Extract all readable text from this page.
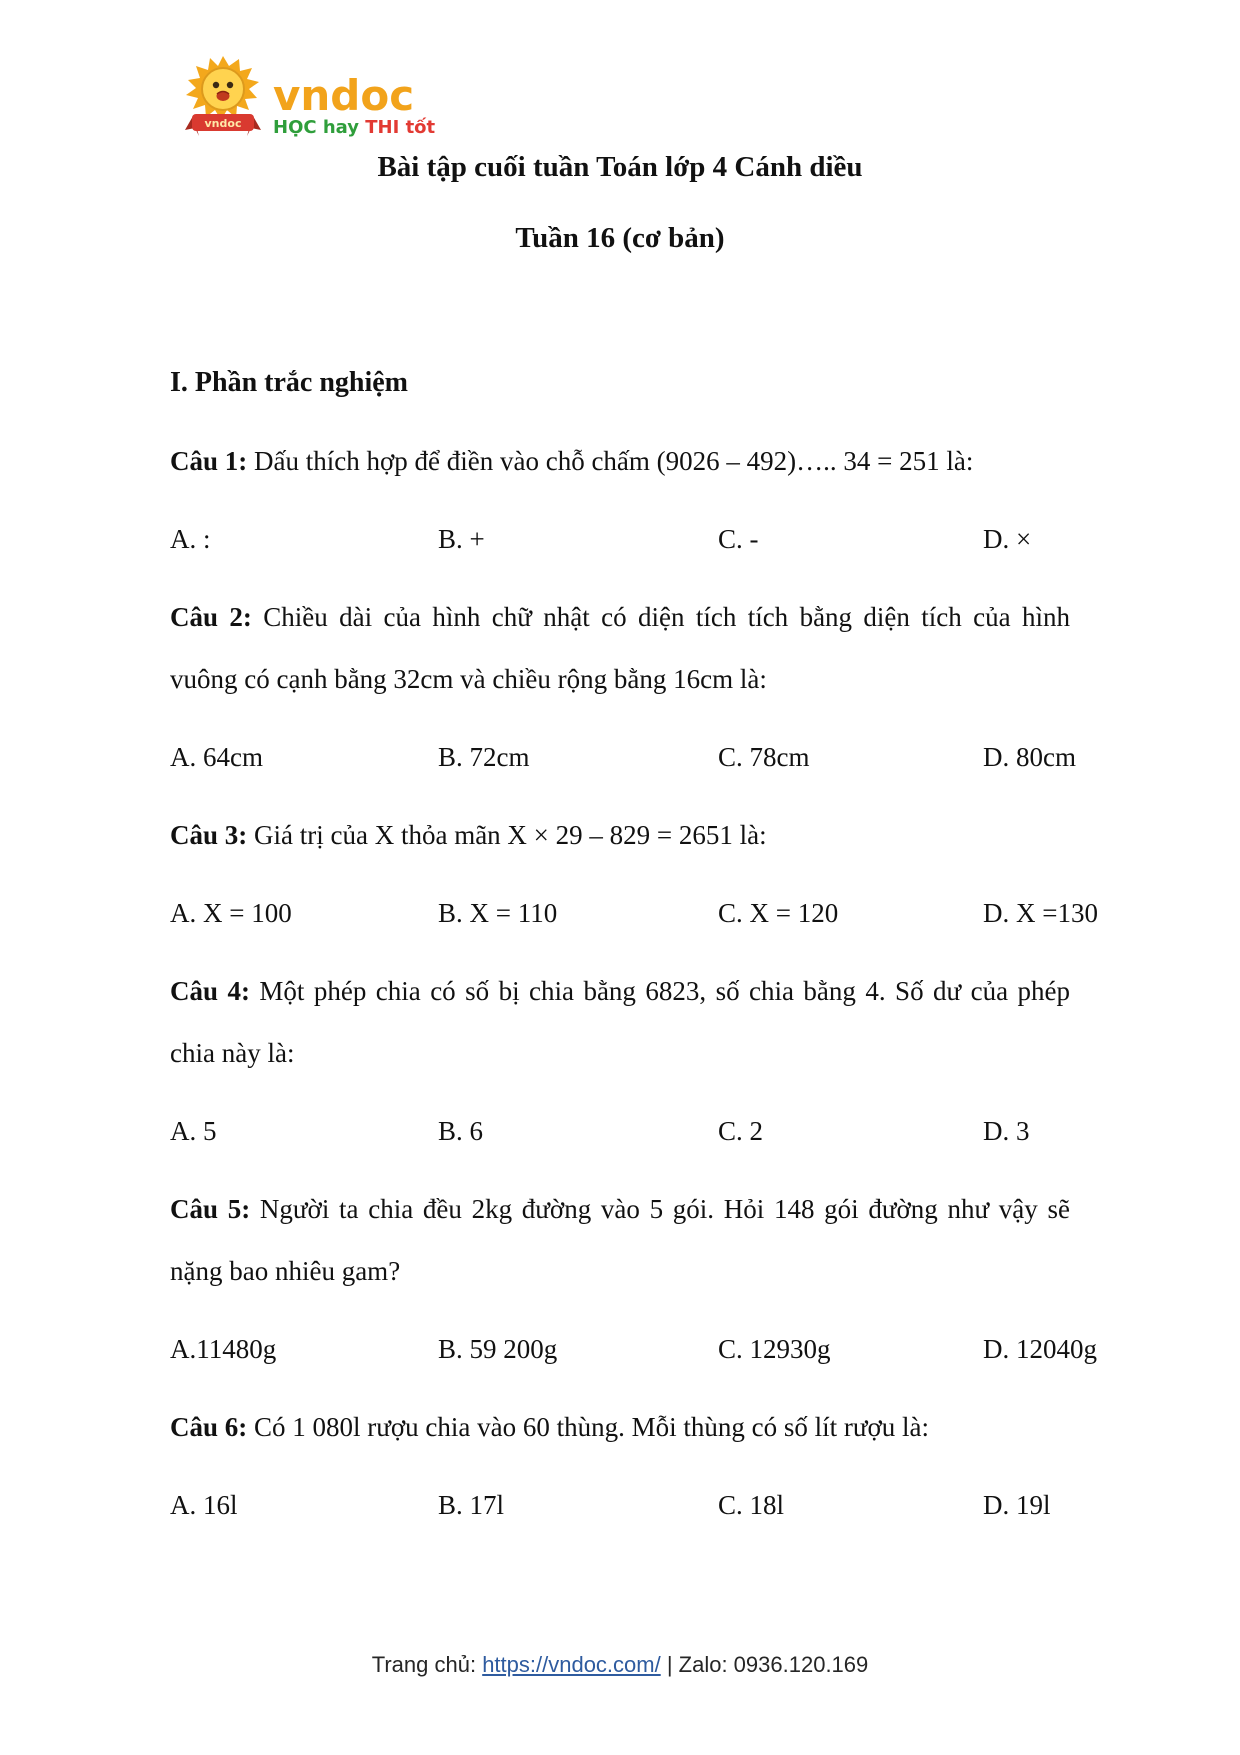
vndoc
vndoc
HỌC hay THI tốt
Bài tập cuối tuần Toán lớp 4 Cánh diều
Tuần 16 (cơ bản)
I. Phần trắc nghiệm

Câu 1: Dấu thích hợp để điền vào chỗ chấm (9026 – 492)….. 34 = 251 là:

A. :	B. +	C. -	D. ×

Câu 2: Chiều dài của hình chữ nhật có diện tích tích bằng diện tích của hình vuông có cạnh bằng 32cm và chiều rộng bằng 16cm là:

A. 64cm	B. 72cm	C. 78cm	D. 80cm

Câu 3: Giá trị của X thỏa mãn X × 29 – 829 = 2651 là:

A. X = 100	B. X = 110	C. X = 120	D. X =130

Câu 4: Một phép chia có số bị chia bằng 6823, số chia bằng 4. Số dư của phép chia này là:

A. 5	B. 6	C. 2	D. 3

Câu 5: Người ta chia đều 2kg đường vào 5 gói. Hỏi 148 gói đường như vậy sẽ nặng bao nhiêu gam?

A.11480g	B. 59 200g	C. 12930g	D. 12040g

Câu 6: Có 1 080l rượu chia vào 60 thùng. Mỗi thùng có số lít rượu là:

A. 16l	B. 17l	C. 18l	D. 19l
Trang chủ: https://vndoc.com/ | Zalo: 0936.120.169
